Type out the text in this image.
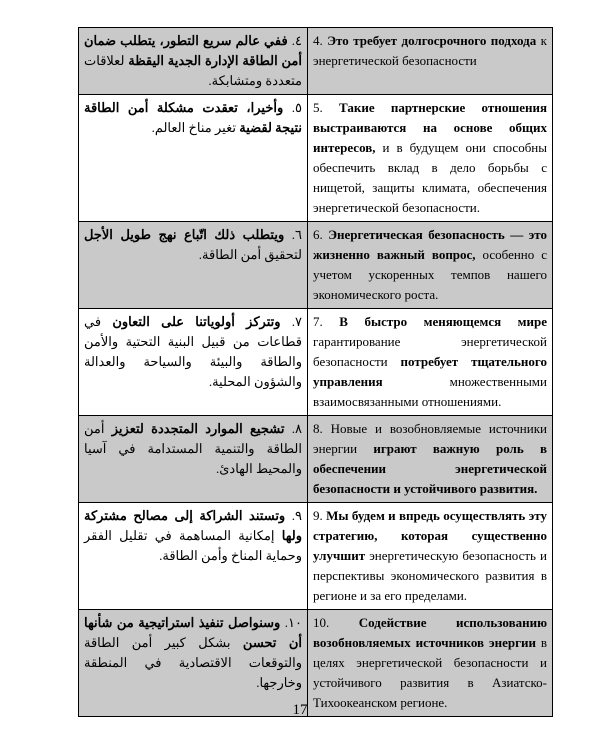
٤. ففي عالم سريع التطور، يتطلب ضمان أمن الطاقة الإدارة الجدية اليقظة لعلاقات متعددة ومتشابكة.	4. Это требует долгосрочного подхода к энергетической безопасности
٥. وأخيرا، تعقدت مشكلة أمن الطاقة نتيجة لقضية تغير مناخ العالم.	5. Такие партнерские отношения выстраиваются на основе общих интересов, и в будущем они способны обеспечить вклад в дело борьбы с нищетой, защиты климата, обеспечения энергетической безопасности.
٦. ويتطلب ذلك اتّباع نهج طويل الأجل لتحقيق أمن الطاقة.	6. Энергетическая безопасность — это жизненно важный вопрос, особенно с учетом ускоренных темпов нашего экономического роста.
٧. وتتركز أولوياتنا على التعاون في قطاعات من قبيل البنية التحتية والأمن والطاقة والبيئة والسياحة والعدالة والشؤون المحلية.	7. В быстро меняющемся мире гарантирование энергетической безопасности потребует тщательного управления множественными взаимосвязанными отношениями.
٨. تشجيع الموارد المتجددة لتعزيز أمن الطاقة والتنمية المستدامة في آسيا والمحيط الهادئ.	8. Новые и возобновляемые источники энергии играют важную роль в обеспечении энергетической безопасности и устойчивого развития.
٩. وتستند الشراكة إلى مصالح مشتركة ولها إمكانية المساهمة في تقليل الفقر وحماية المناخ وأمن الطاقة.	9. Мы будем и впредь осуществлять эту стратегию, которая существенно улучшит энергетическую безопасность и перспективы экономического развития в регионе и за его пределами.
١٠. وسنواصل تنفيذ استراتيجية من شأنها أن تحسن بشكل كبير أمن الطاقة والتوقعات الاقتصادية في المنطقة وخارجها.	10. Содействие использованию возобновляемых источников энергии в целях энергетической безопасности и устойчивого развития в Азиатско-Тихоокеанском регионе.
17
